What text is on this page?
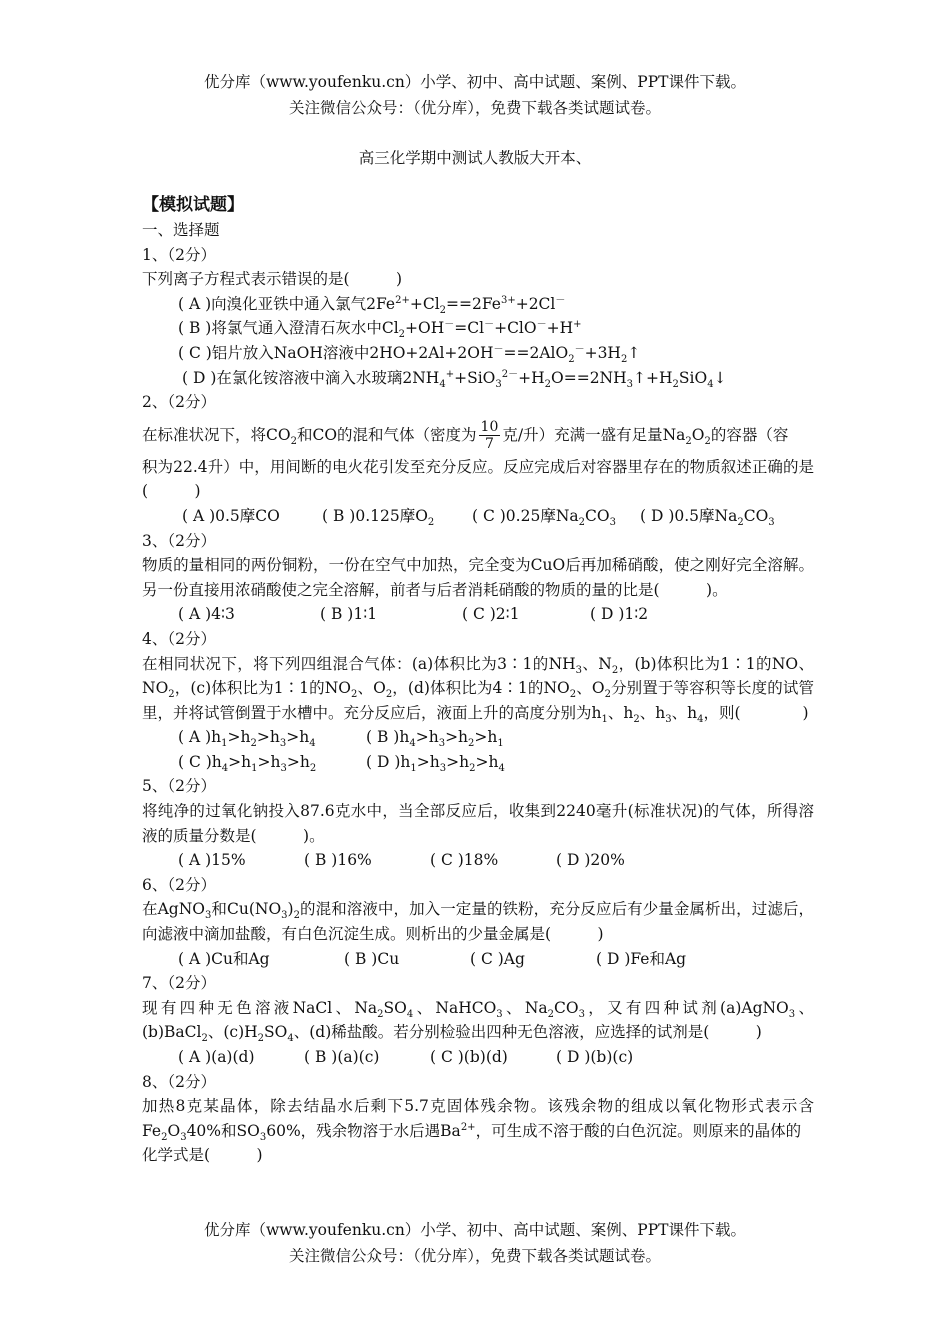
优分库（www.youfenku.cn）小学、初中、高中试题、案例、PPT课件下载。
关注微信公众号：（优分库），免费下载各类试题试卷。
高三化学期中测试人教版大开本、
【模拟试题】
一、选择题
1、（2分）
下列离子方程式表示错误的是(　　　)
( A )向溴化亚铁中通入氯气$2Fe^{2+}+Cl_2==2Fe^{3+}+2Cl^-$
( B )将氯气通入澄清石灰水中$Cl_2+OH^-=Cl^-+ClO^-+H^+$
( C )铝片放入NaOH溶液中$2HO+2Al+2OH^-==2AlO_2^-+3H_2↑$
( D )在氯化铵溶液中滴入水玻璃$2NH_4^++SiO_3^{2-}+H_2O==2NH_3↑+H_2SiO_4↓$
2、（2分）
在标准状况下，将$CO_2$和CO的混和气体（密度为 $\frac{10}{7}$ 克/升）充满一盛有足量$Na_2O_2$的容器（容
积为22.4升）中，用间断的电火花引发至充分反应。反应完成后对容器里存在的物质叙述正确的是(　　　)
( A )0.5摩CO	( B )0.125摩$O_2$ ( C )0.25摩$Na_2CO_3$ ( D )0.5摩$Na_2CO_3$
3、（2分）
物质的量相同的两份铜粉，一份在空气中加热，完全变为CuO后再加稀硝酸，使之刚好完全溶解。另一份直接用浓硝酸使之完全溶解，前者与后者消耗硝酸的物质的量的比是(　　　)。
( A )4∶3	( B )1∶1	( C )2∶1	( D )1∶2
4、（2分）
在相同状况下，将下列四组混合气体：(a)体积比为3∶1的$NH_3$、$N_2$，(b)体积比为1∶1的NO、$NO_2$，(c)体积比为1∶1的$NO_2$、$O_2$，(d)体积比为4∶1的$NO_2$、$O_2$分别置于等容积等长度的试管里，并将试管倒置于水槽中。充分反应后，液面上升的高度分别为$h_1$、$h_2$、$h_3$、$h_4$，则(　　　　)
( A )$h_1>h_2>h_3>h_4$	( B )$h_4>h_3>h_2>h_1$
( C )$h_4>h_1>h_3>h_2$	( D )$h_1>h_3>h_2>h_4$
5、（2分）
将纯净的过氧化钠投入87.6克水中，当全部反应后，收集到2240毫升(标准状况)的气体，所得溶液的质量分数是(　　　)。
( A )15%	( B )16%	( C )18%	( D )20%
6、（2分）
在AgNO$_3$和$Cu(NO_3)_2$的混和溶液中，加入一定量的铁粉，充分反应后有少量金属析出，过滤后，向滤液中滴加盐酸，有白色沉淀生成。则析出的少量金属是(　　　)
( A )Cu和Ag	( B )Cu	( C )Ag	( D )Fe和Ag
7、（2分）
现有四种无色溶液NaCl、$Na_2SO_4$、NaHCO$_3$、$Na_2CO_3$，又有四种试剂(a)AgNO$_3$、(b)BaCl$_2$、$(c)H_2SO_4$、(d)稀盐酸。若分别检验出四种无色溶液，应选择的试剂是(　　　)
( A )(a)(d)	( B )(a)(c)	( C )(b)(d)	( D )(b)(c)
8、（2分）
加热8克某晶体，除去结晶水后剩下5.7克固体残余物。该残余物的组成以氧化物形式表示含$Fe_2O_340\%$和$SO_360\%$，残余物溶于水后遇$Ba^{2+}$，可生成不溶于酸的白色沉淀。则原来的晶体的
化学式是(　　　)
优分库（www.youfenku.cn）小学、初中、高中试题、案例、PPT课件下载。
关注微信公众号：（优分库），免费下载各类试题试卷。
